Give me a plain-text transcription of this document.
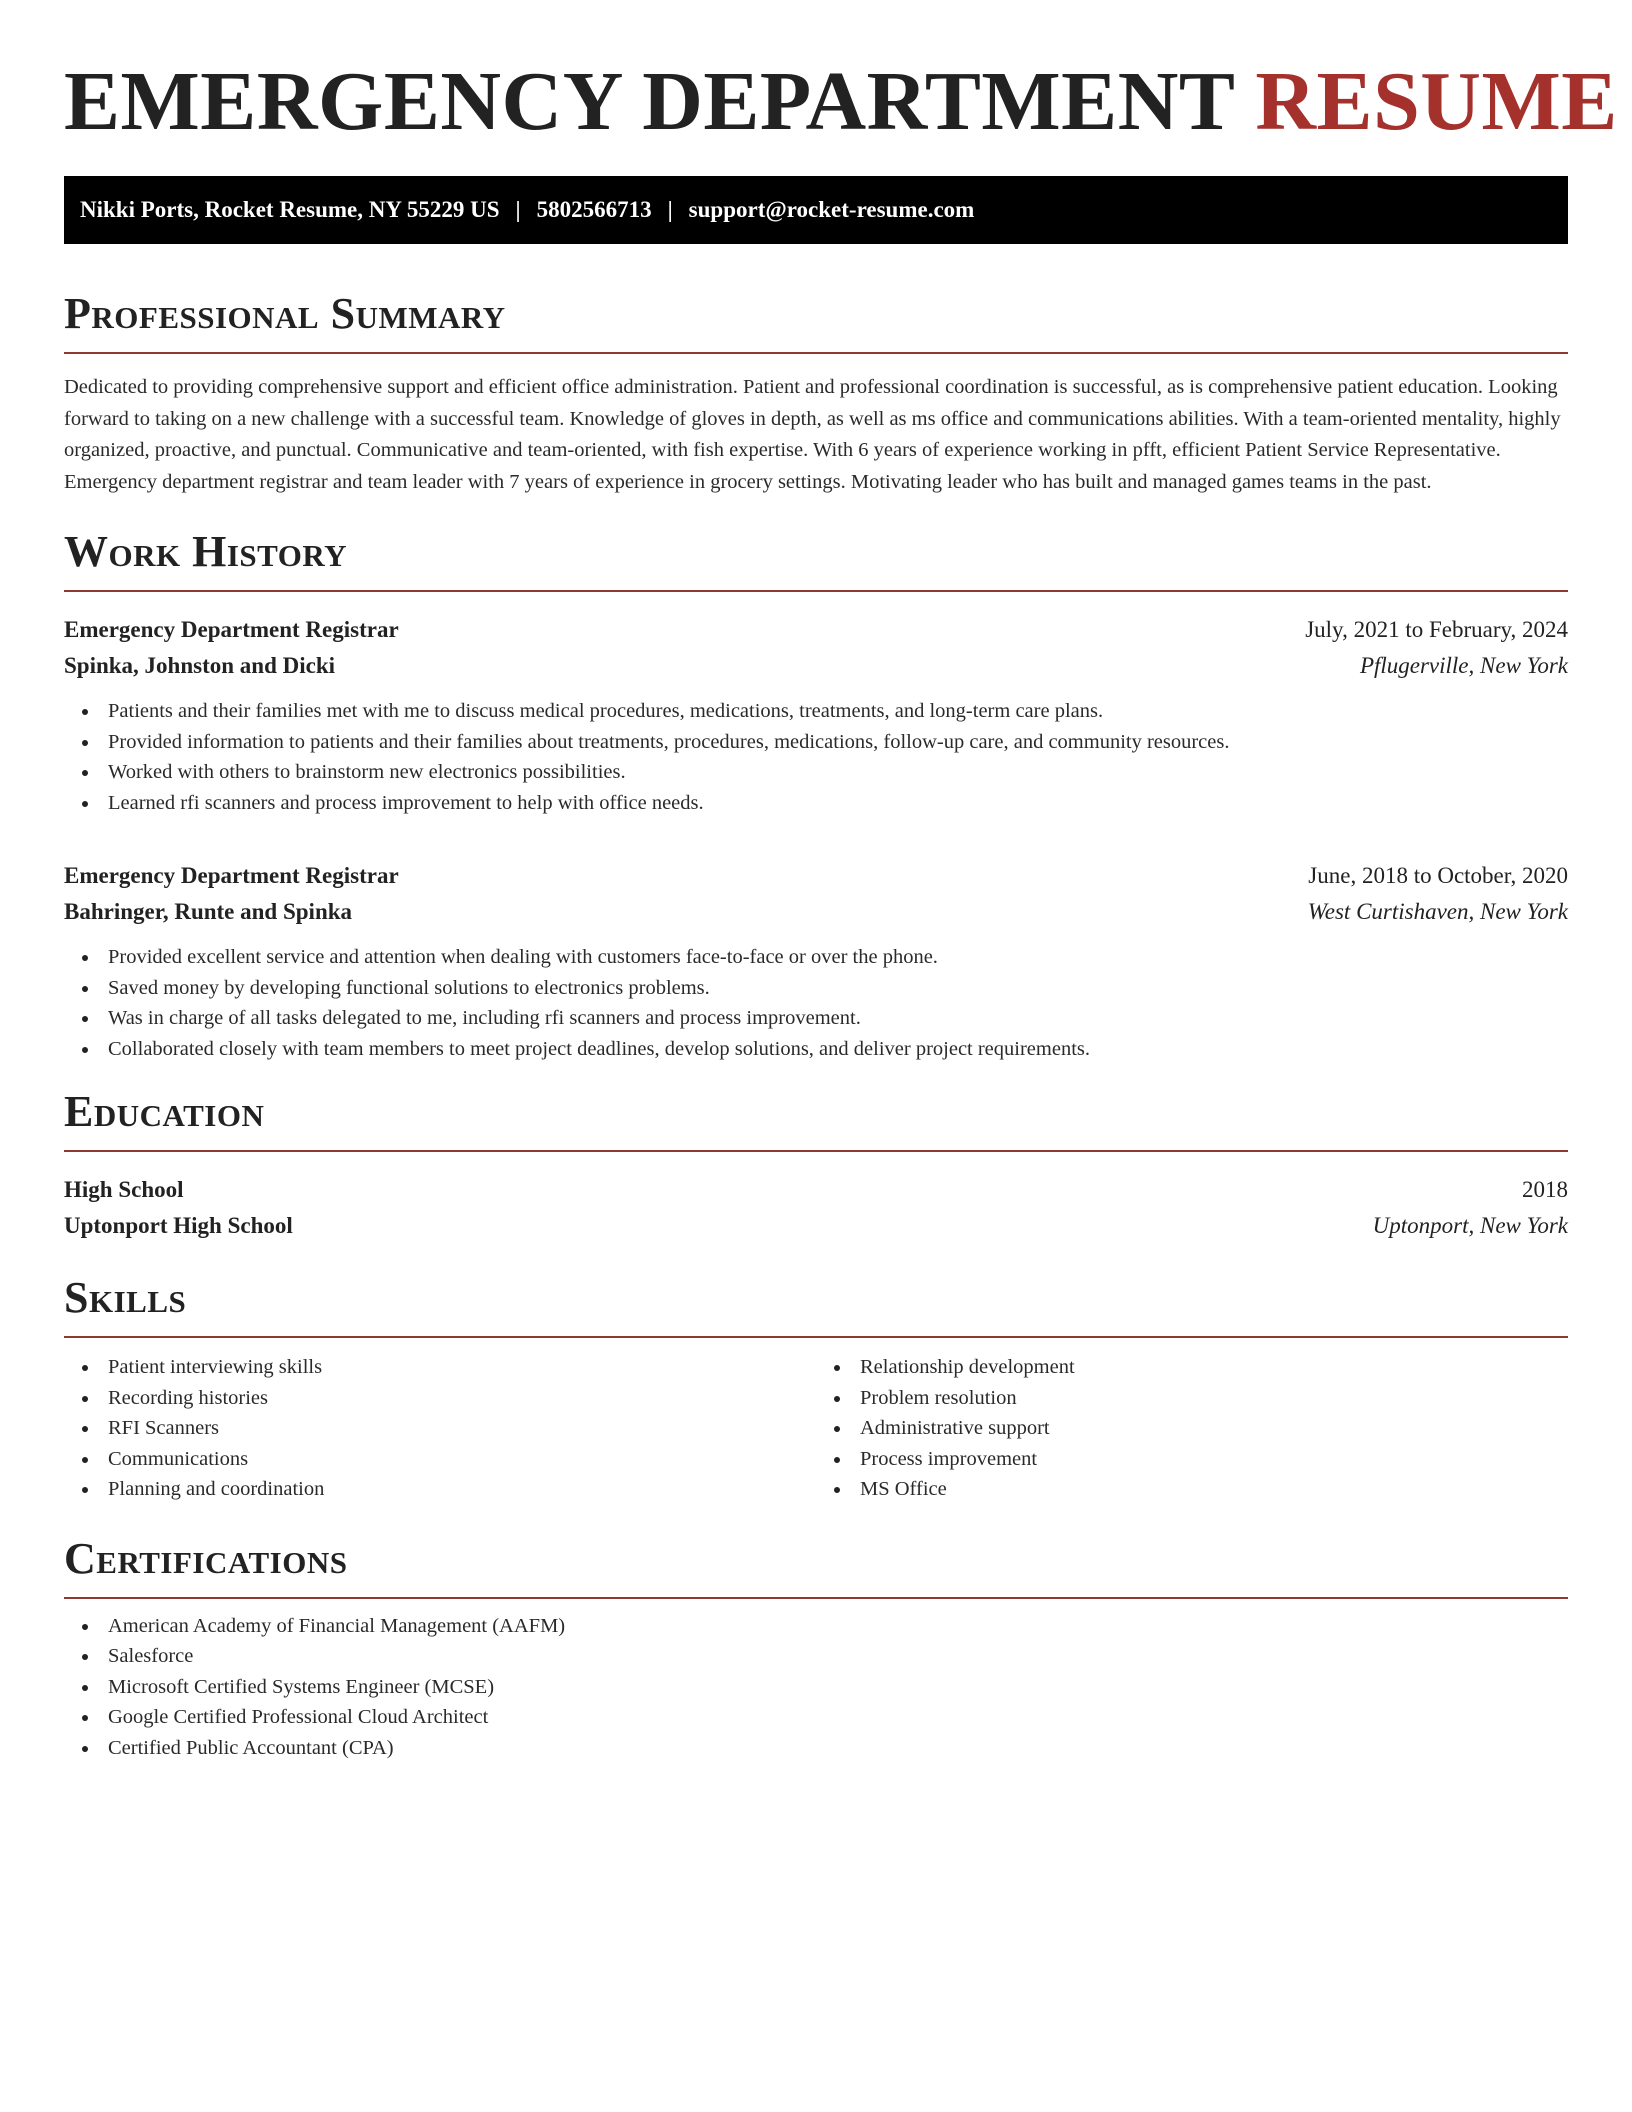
EMERGENCY DEPARTMENT RESUME
Nikki Ports, Rocket Resume, NY 55229 US | 5802566713 | support@rocket-resume.com
Professional Summary

Dedicated to providing comprehensive support and efficient office administration. Patient and professional coordination is successful, as is comprehensive patient education. Looking forward to taking on a new challenge with a successful team. Knowledge of gloves in depth, as well as ms office and communications abilities. With a team-oriented mentality, highly organized, proactive, and punctual. Communicative and team-oriented, with fish expertise. With 6 years of experience working in pfft, efficient Patient Service Representative. Emergency department registrar and team leader with 7 years of experience in grocery settings. Motivating leader who has built and managed games teams in the past.

Work History
Emergency Department Registrar	July, 2021 to February, 2024
Spinka, Johnston and Dicki	Pflugerville, New York
Patients and their families met with me to discuss medical procedures, medications, treatments, and long-term care plans.
Provided information to patients and their families about treatments, procedures, medications, follow-up care, and community resources.
Worked with others to brainstorm new electronics possibilities.
Learned rfi scanners and process improvement to help with office needs.
Emergency Department Registrar	June, 2018 to October, 2020
Bahringer, Runte and Spinka	West Curtishaven, New York
Provided excellent service and attention when dealing with customers face-to-face or over the phone.
Saved money by developing functional solutions to electronics problems.
Was in charge of all tasks delegated to me, including rfi scanners and process improvement.
Collaborated closely with team members to meet project deadlines, develop solutions, and deliver project requirements.
Education
High School	2018
Uptonport High School	Uptonport, New York
Skills
Patient interviewing skills
Recording histories
RFI Scanners
Communications
Planning and coordination
Relationship development
Problem resolution
Administrative support
Process improvement
MS Office
Certifications
American Academy of Financial Management (AAFM)
Salesforce
Microsoft Certified Systems Engineer (MCSE)
Google Certified Professional Cloud Architect
Certified Public Accountant (CPA)
